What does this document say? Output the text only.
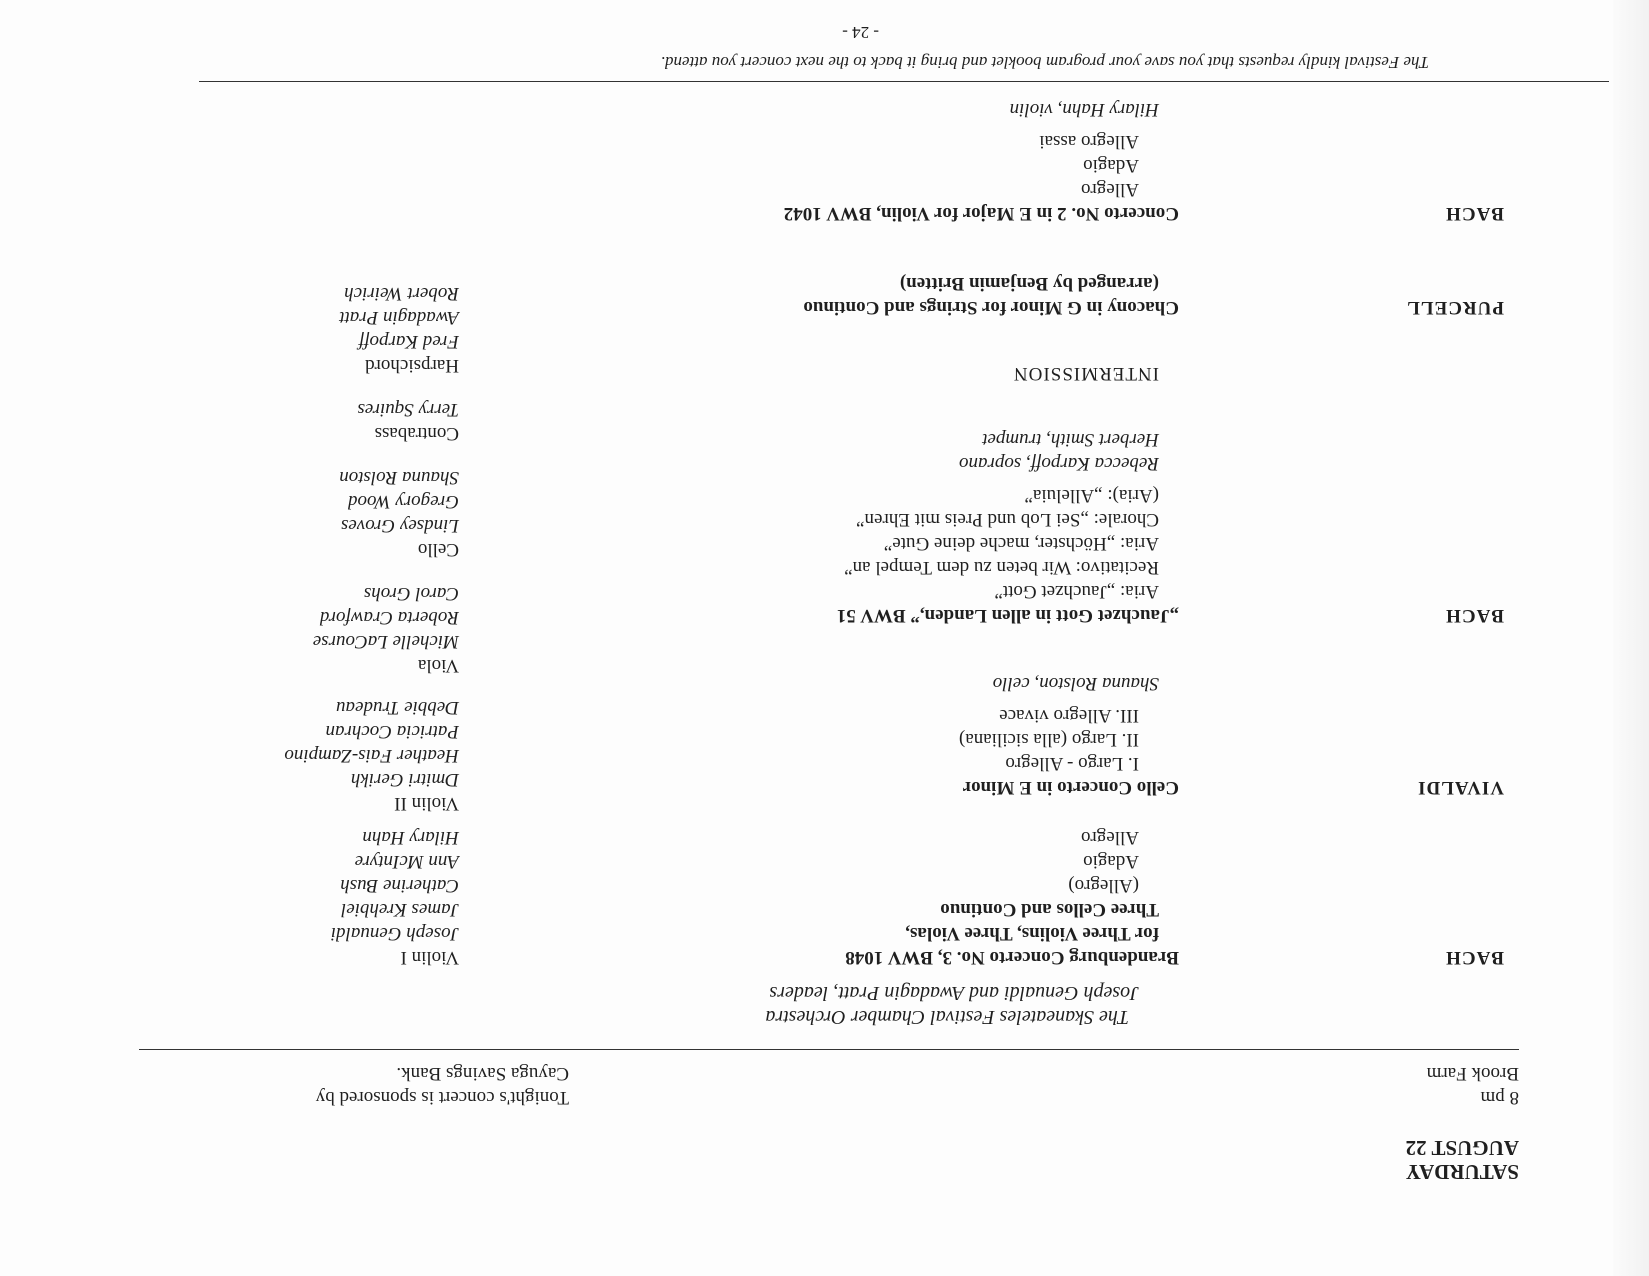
SATURDAY
AUGUST 22
8 pm
Brook Farm
Tonight's concert is sponsored by
Cayuga Savings Bank.
The Skaneateles Festival Chamber Orchestra
Joseph Genualdi and Awadagin Pratt, leaders
BACH
Brandenburg Concerto No. 3, BWV 1048
for Three Violins, Three Violas,
Three Cellos and Continuo
(Allegro)
Adagio
Allegro
VIVALDI
Cello Concerto in E Minor
I. Largo - Allegro
II. Largo (alla siciliana)
III. Allegro vivace
Shauna Rolston, cello
BACH
„Jauchzet Gott in allen Landen,” BWV 51
Aria: „Jauchzet Gott”
Recitativo: Wir beten zu dem Tempel an”
Aria: „Höchster, mache deine Gute”
Chorale: „Sei Lob und Preis mit Ehren”
(Aria): „Alleluia”
Rebecca Karpoff, soprano
Herbert Smith, trumpet
INTERMISSION
PURCELL
Chacony in G Minor for Strings and Continuo
(arranged by Benjamin Britten)
BACH
Concerto No. 2 in E Major for Violin, BWV 1042
Allegro
Adagio
Allegro assai
Hilary Hahn, violin
Violin I
Joseph Genualdi
James Krehbiel
Catherine Bush
Ann McIntyre
Hilary Hahn
Violin II
Dmitri Gerikh
Heather Fais-Zampino
Patricia Cochran
Debbie Trudeau
Viola
Michelle LaCourse
Roberta Crawford
Carol Grohs
Cello
Lindsey Groves
Gregory Wood
Shauna Rolston
Contrabass
Terry Squires
Harpsichord
Fred Karpoff
Awadagin Pratt
Robert Weirich
The Festival kindly requests that you save your program booklet and bring it back to the next concert you attend.
- 24 -
